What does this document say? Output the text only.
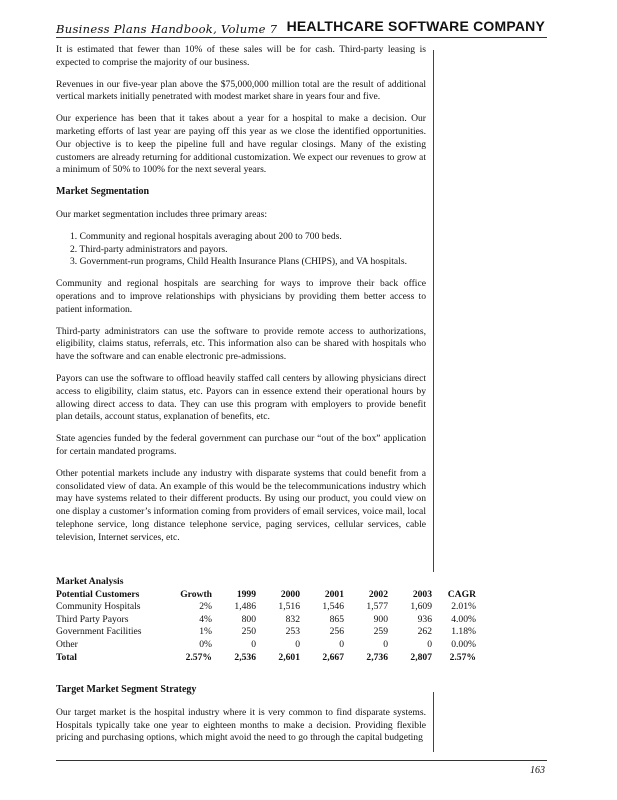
Business Plans Handbook, Volume 7 HEALTHCARE SOFTWARE COMPANY

It is estimated that fewer than 10% of these sales will be for cash. Third-party leasing is expected to comprise the majority of our business.

Revenues in our five-year plan above the $75,000,000 million total are the result of additional vertical markets initially penetrated with modest market share in years four and five.

Our experience has been that it takes about a year for a hospital to make a decision. Our marketing efforts of last year are paying off this year as we close the identified opportunities. Our objective is to keep the pipeline full and have regular closings. Many of the existing customers are already returning for additional customization. We expect our revenues to grow at a minimum of 50% to 100% for the next several years.

Market Segmentation

Our market segmentation includes three primary areas:

1. Community and regional hospitals averaging about 200 to 700 beds.
2. Third-party administrators and payors.
3. Government-run programs, Child Health Insurance Plans (CHIPS), and VA hospitals.

Community and regional hospitals are searching for ways to improve their back office operations and to improve relationships with physicians by providing them better access to patient information.

Third-party administrators can use the software to provide remote access to authorizations, eligibility, claims status, referrals, etc. This information also can be shared with hospitals who have the software and can enable electronic pre-admissions.

Payors can use the software to offload heavily staffed call centers by allowing physicians direct access to eligibility, claim status, etc. Payors can in essence extend their operational hours by allowing direct access to data. They can use this program with employers to provide benefit plan details, account status, explanation of benefits, etc.

State agencies funded by the federal government can purchase our “out of the box” application for certain mandated programs.

Other potential markets include any industry with disparate systems that could benefit from a consolidated view of data. An example of this would be the telecommunications industry which may have systems related to their different products. By using our product, you could view on one display a customer’s information coming from providers of email services, voice mail, local telephone service, long distance telephone service, paging services, cellular services, cable television, Internet services, etc.

Market Analysis
Potential Customers	Growth	1999	2000	2001	2002	2003	CAGR
Community Hospitals	2%	1,486	1,516	1,546	1,577	1,609	2.01%
Third Party Payors	4%	800	832	865	900	936	4.00%
Government Facilities	1%	250	253	256	259	262	1.18%
Other	0%	0	0	0	0	0	0.00%
Total	2.57%	2,536	2,601	2,667	2,736	2,807	2.57%
Target Market Segment Strategy

Our target market is the hospital industry where it is very common to find disparate systems. Hospitals typically take one year to eighteen months to make a decision. Providing flexible pricing and purchasing options, which might avoid the need to go through the capital budgeting

163
